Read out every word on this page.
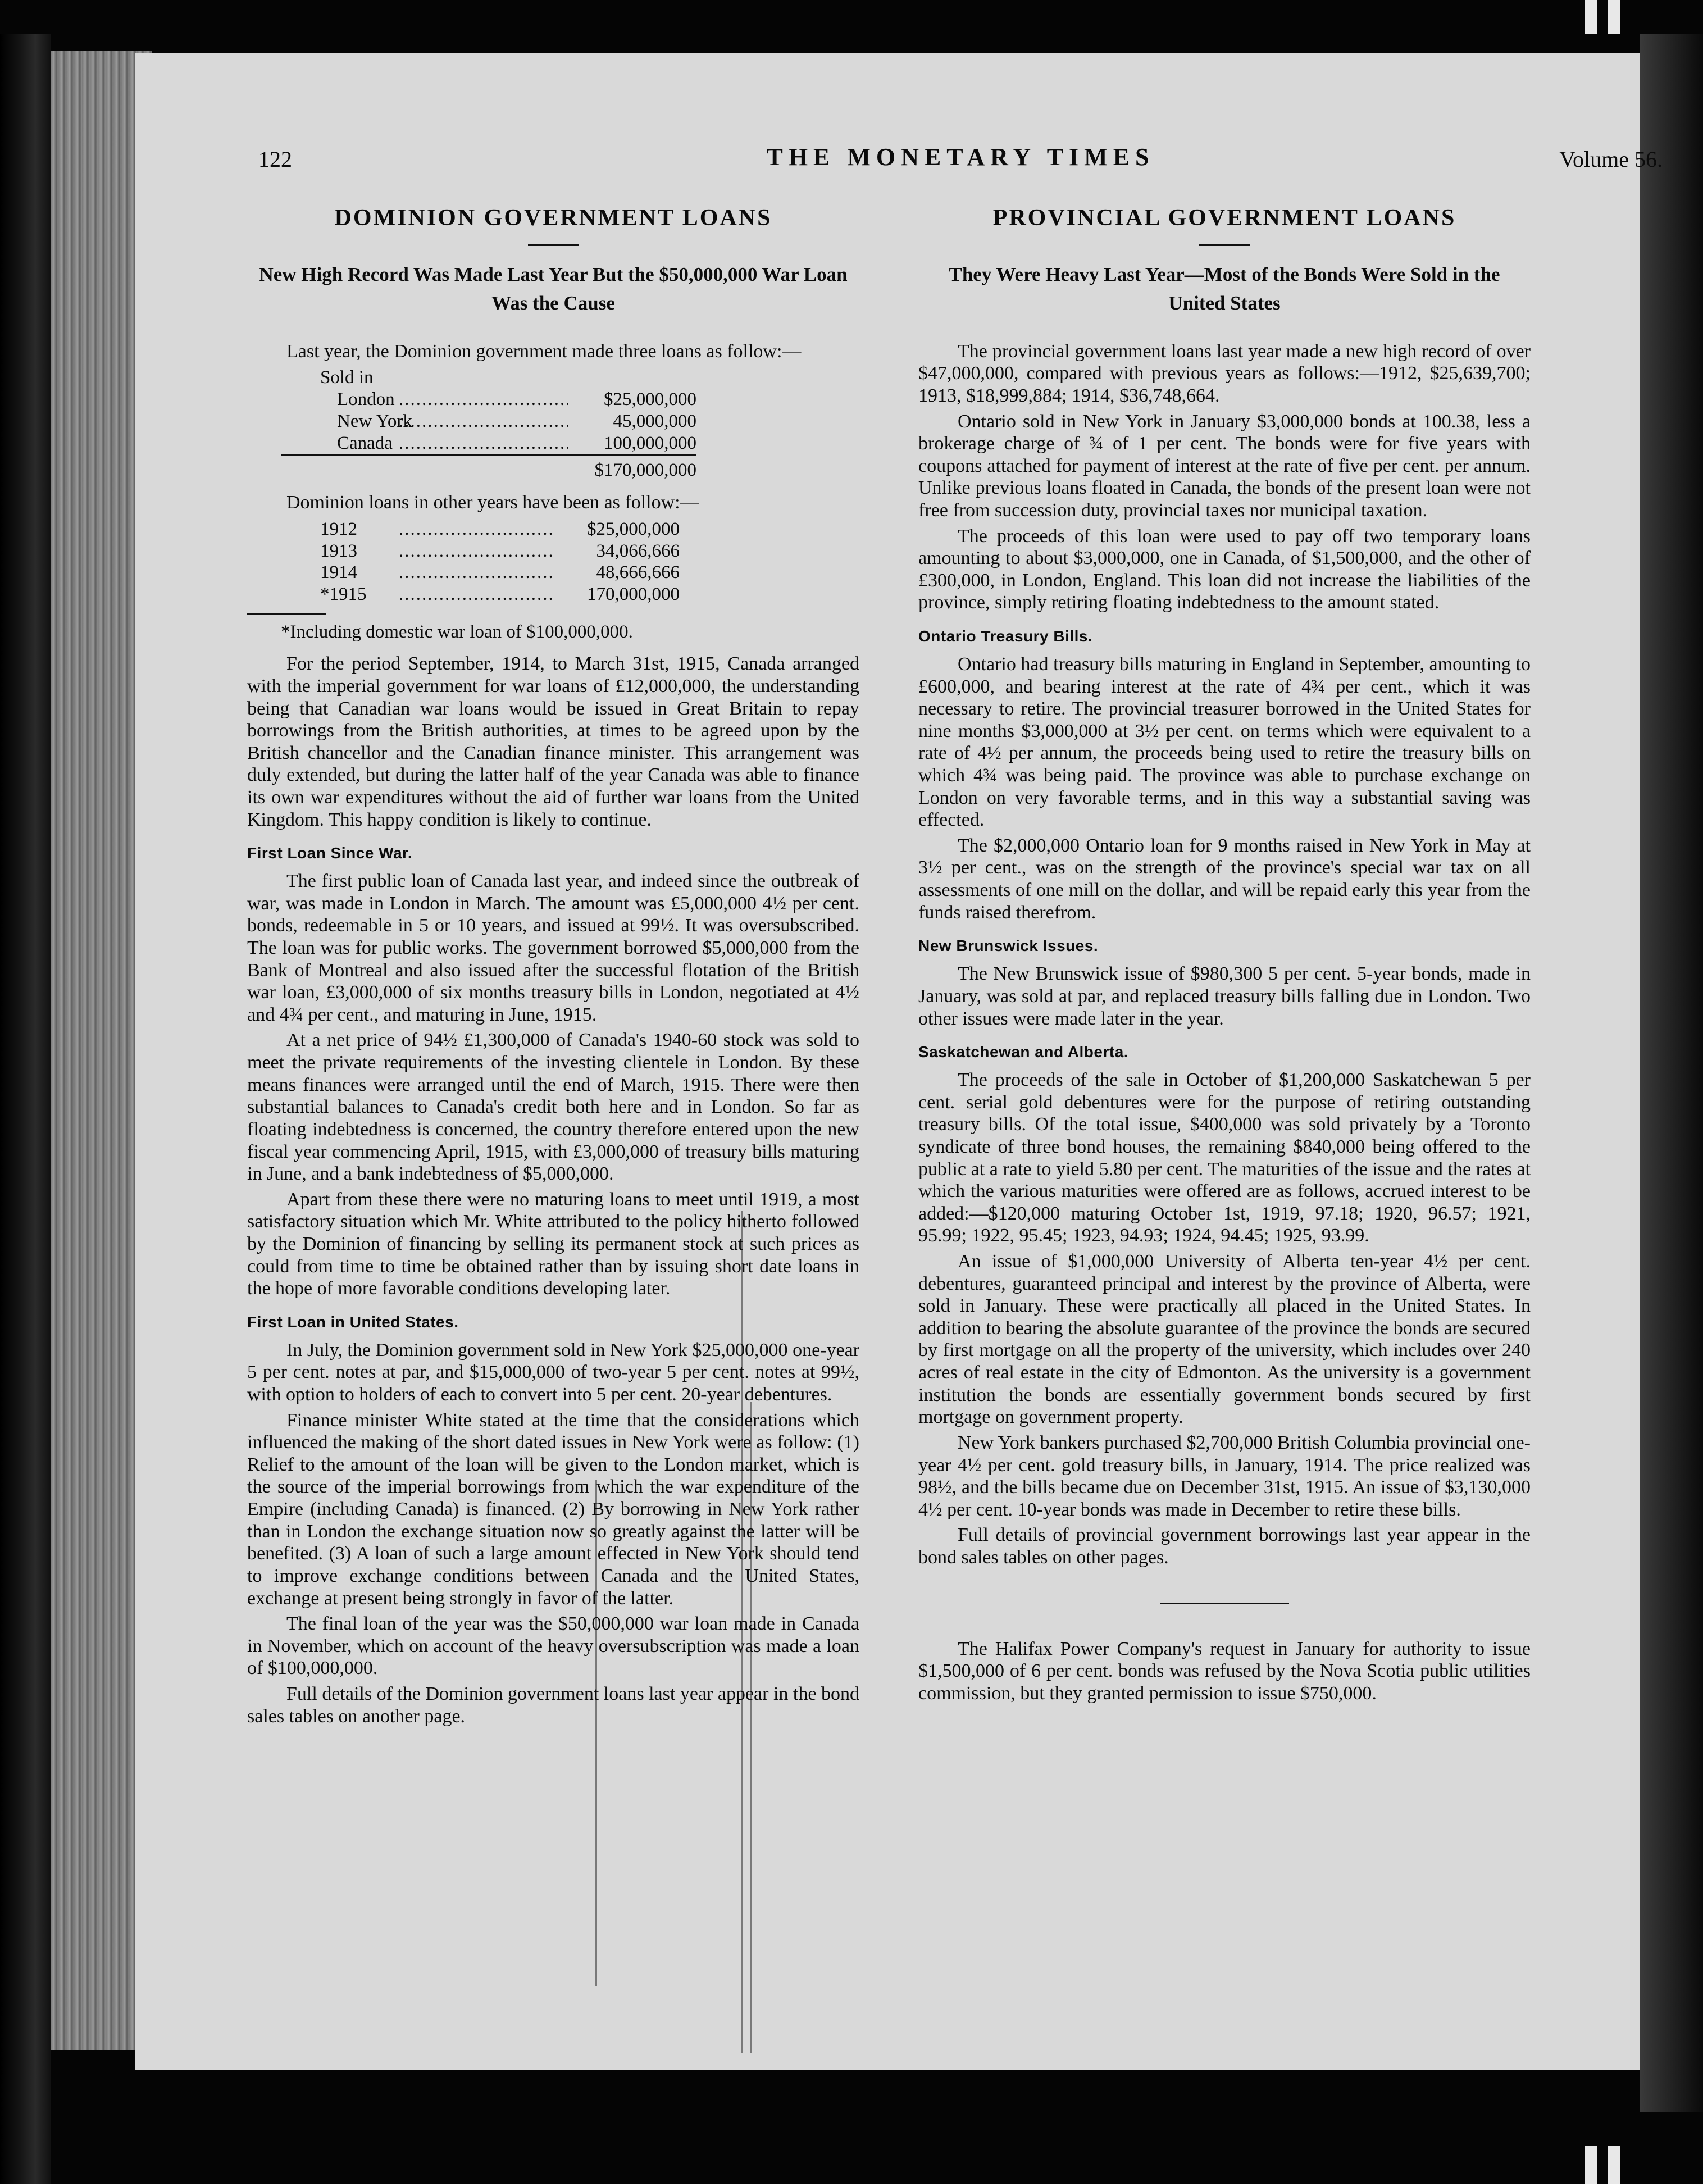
122	THE MONETARY TIMES	Volume 56.
DOMINION GOVERNMENT LOANS
New High Record Was Made Last Year But the $50,000,000 War Loan Was the Cause

Last year, the Dominion government made three loans as follow:—

Sold in	
London .....	$25,000,000
New York .....	45,000,000
Canada .....	100,000,000

	$170,000,000

Dominion loans in other years have been as follow:—

1912 .....	$25,000,000
1913 .....	34,066,666
1914 .....	48,666,666
*1915 .....	170,000,000
*Including domestic war loan of $100,000,000.

For the period September, 1914, to March 31st, 1915, Canada arranged with the imperial government for war loans of £12,000,000, the understanding being that Canadian war loans would be issued in Great Britain to repay borrowings from the British authorities, at times to be agreed upon by the British chancellor and the Canadian finance minister. This arrangement was duly extended, but during the latter half of the year Canada was able to finance its own war expenditures without the aid of further war loans from the United Kingdom. This happy condition is likely to continue.

First Loan Since War.

The first public loan of Canada last year, and indeed since the outbreak of war, was made in London in March. The amount was £5,000,000 4½ per cent. bonds, redeemable in 5 or 10 years, and issued at 99½. It was oversubscribed. The loan was for public works. The government borrowed $5,000,000 from the Bank of Montreal and also issued after the successful flotation of the British war loan, £3,000,000 of six months treasury bills in London, negotiated at 4½ and 4¾ per cent., and maturing in June, 1915.

At a net price of 94½ £1,300,000 of Canada's 1940-60 stock was sold to meet the private requirements of the investing clientele in London. By these means finances were arranged until the end of March, 1915. There were then substantial balances to Canada's credit both here and in London. So far as floating indebtedness is concerned, the country therefore entered upon the new fiscal year commencing April, 1915, with £3,000,000 of treasury bills maturing in June, and a bank indebtedness of $5,000,000.

Apart from these there were no maturing loans to meet until 1919, a most satisfactory situation which Mr. White attributed to the policy hitherto followed by the Dominion of financing by selling its permanent stock at such prices as could from time to time be obtained rather than by issuing short date loans in the hope of more favorable conditions developing later.

First Loan in United States.

In July, the Dominion government sold in New York $25,000,000 one-year 5 per cent. notes at par, and $15,000,000 of two-year 5 per cent. notes at 99½, with option to holders of each to convert into 5 per cent. 20-year debentures.

Finance minister White stated at the time that the considerations which influenced the making of the short dated issues in New York were as follow: (1) Relief to the amount of the loan will be given to the London market, which is the source of the imperial borrowings from which the war expenditure of the Empire (including Canada) is financed. (2) By borrowing in New York rather than in London the exchange situation now so greatly against the latter will be benefited. (3) A loan of such a large amount effected in New York should tend to improve exchange conditions between Canada and the United States, exchange at present being strongly in favor of the latter.

The final loan of the year was the $50,000,000 war loan made in Canada in November, which on account of the heavy oversubscription was made a loan of $100,000,000.

Full details of the Dominion government loans last year appear in the bond sales tables on another page.

PROVINCIAL GOVERNMENT LOANS
They Were Heavy Last Year—Most of the Bonds Were Sold in the United States

The provincial government loans last year made a new high record of over $47,000,000, compared with previous years as follows:—1912, $25,639,700; 1913, $18,999,884; 1914, $36,748,664.

Ontario sold in New York in January $3,000,000 bonds at 100.38, less a brokerage charge of ¾ of 1 per cent. The bonds were for five years with coupons attached for payment of interest at the rate of five per cent. per annum. Unlike previous loans floated in Canada, the bonds of the present loan were not free from succession duty, provincial taxes nor municipal taxation.

The proceeds of this loan were used to pay off two temporary loans amounting to about $3,000,000, one in Canada, of $1,500,000, and the other of £300,000, in London, England. This loan did not increase the liabilities of the province, simply retiring floating indebtedness to the amount stated.

Ontario Treasury Bills.

Ontario had treasury bills maturing in England in September, amounting to £600,000, and bearing interest at the rate of 4¾ per cent., which it was necessary to retire. The provincial treasurer borrowed in the United States for nine months $3,000,000 at 3½ per cent. on terms which were equivalent to a rate of 4½ per annum, the proceeds being used to retire the treasury bills on which 4¾ was being paid. The province was able to purchase exchange on London on very favorable terms, and in this way a substantial saving was effected.

The $2,000,000 Ontario loan for 9 months raised in New York in May at 3½ per cent., was on the strength of the province's special war tax on all assessments of one mill on the dollar, and will be repaid early this year from the funds raised therefrom.

New Brunswick Issues.

The New Brunswick issue of $980,300 5 per cent. 5-year bonds, made in January, was sold at par, and replaced treasury bills falling due in London. Two other issues were made later in the year.

Saskatchewan and Alberta.

The proceeds of the sale in October of $1,200,000 Saskatchewan 5 per cent. serial gold debentures were for the purpose of retiring outstanding treasury bills. Of the total issue, $400,000 was sold privately by a Toronto syndicate of three bond houses, the remaining $840,000 being offered to the public at a rate to yield 5.80 per cent. The maturities of the issue and the rates at which the various maturities were offered are as follows, accrued interest to be added:—$120,000 maturing October 1st, 1919, 97.18; 1920, 96.57; 1921, 95.99; 1922, 95.45; 1923, 94.93; 1924, 94.45; 1925, 93.99.

An issue of $1,000,000 University of Alberta ten-year 4½ per cent. debentures, guaranteed principal and interest by the province of Alberta, were sold in January. These were practically all placed in the United States. In addition to bearing the absolute guarantee of the province the bonds are secured by first mortgage on all the property of the university, which includes over 240 acres of real estate in the city of Edmonton. As the university is a government institution the bonds are essentially government bonds secured by first mortgage on government property.

New York bankers purchased $2,700,000 British Columbia provincial one-year 4½ per cent. gold treasury bills, in January, 1914. The price realized was 98½, and the bills became due on December 31st, 1915. An issue of $3,130,000 4½ per cent. 10-year bonds was made in December to retire these bills.

Full details of provincial government borrowings last year appear in the bond sales tables on other pages.

The Halifax Power Company's request in January for authority to issue $1,500,000 of 6 per cent. bonds was refused by the Nova Scotia public utilities commission, but they granted permission to issue $750,000.
